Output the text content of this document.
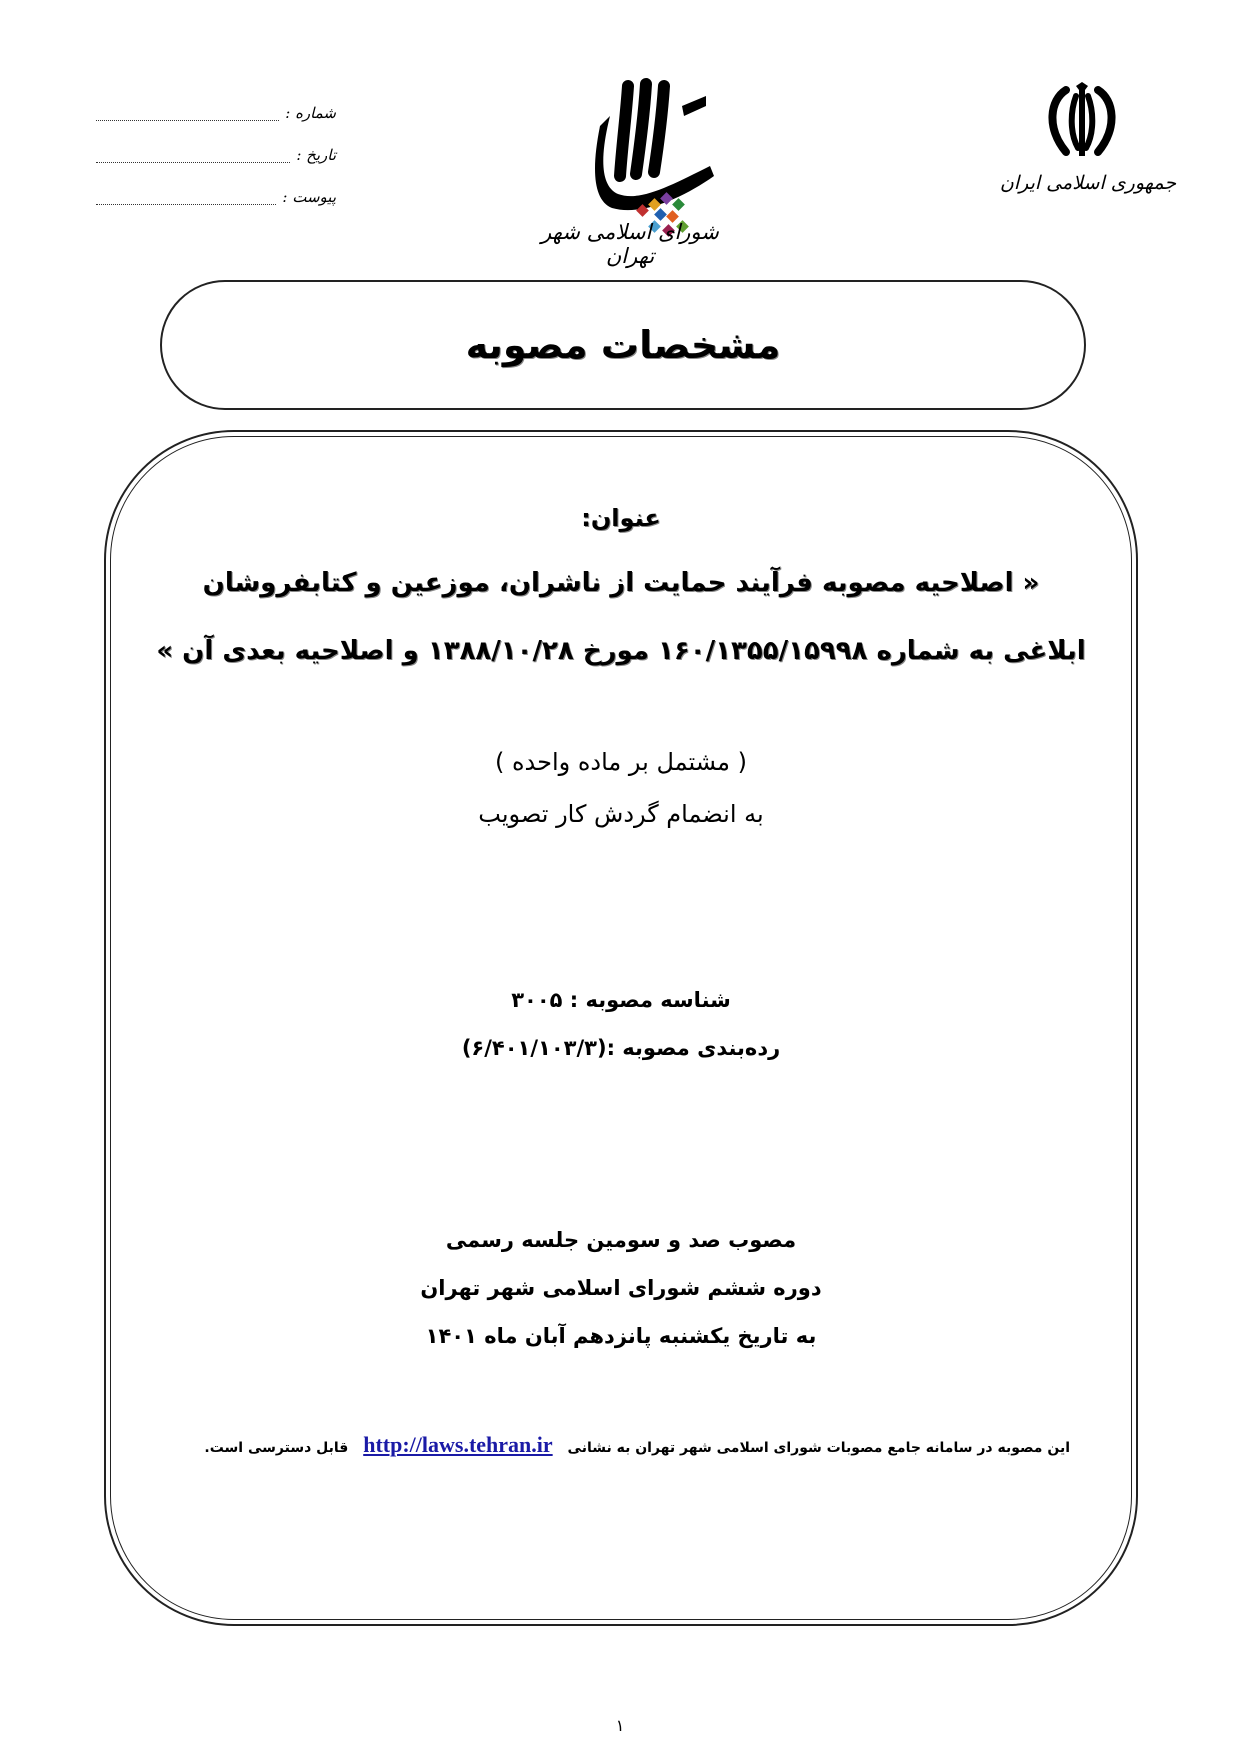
شماره :
تاریخ :
پیوست :
شورای اسلامی شهر تهران
جمهوری اسلامی ایران
مشخصات مصوبه
عنوان:
« اصلاحیه مصوبه فرآیند حمایت از ناشران، موزعین و کتابفروشان
ابلاغی به شماره ۱۶۰/۱۳۵۵/۱۵۹۹۸ مورخ ۱۳۸۸/۱۰/۲۸ و اصلاحیه بعدی آن »
( مشتمل بر ماده واحده )
به انضمام گردش کار تصویب
شناسه مصوبه : ۳۰۰۵
رده‌بندی مصوبه :(۶/۴۰۱/۱۰۳/۳)
مصوب صد و سومین جلسه رسمی
دوره ششم شورای اسلامی شهر تهران
به تاریخ یکشنبه پانزدهم آبان ماه ۱۴۰۱
این مصوبه در سامانه جامع مصوبات شورای اسلامی شهر تهران به نشانی http://laws.tehran.ir قابل دسترسی است.
۱
